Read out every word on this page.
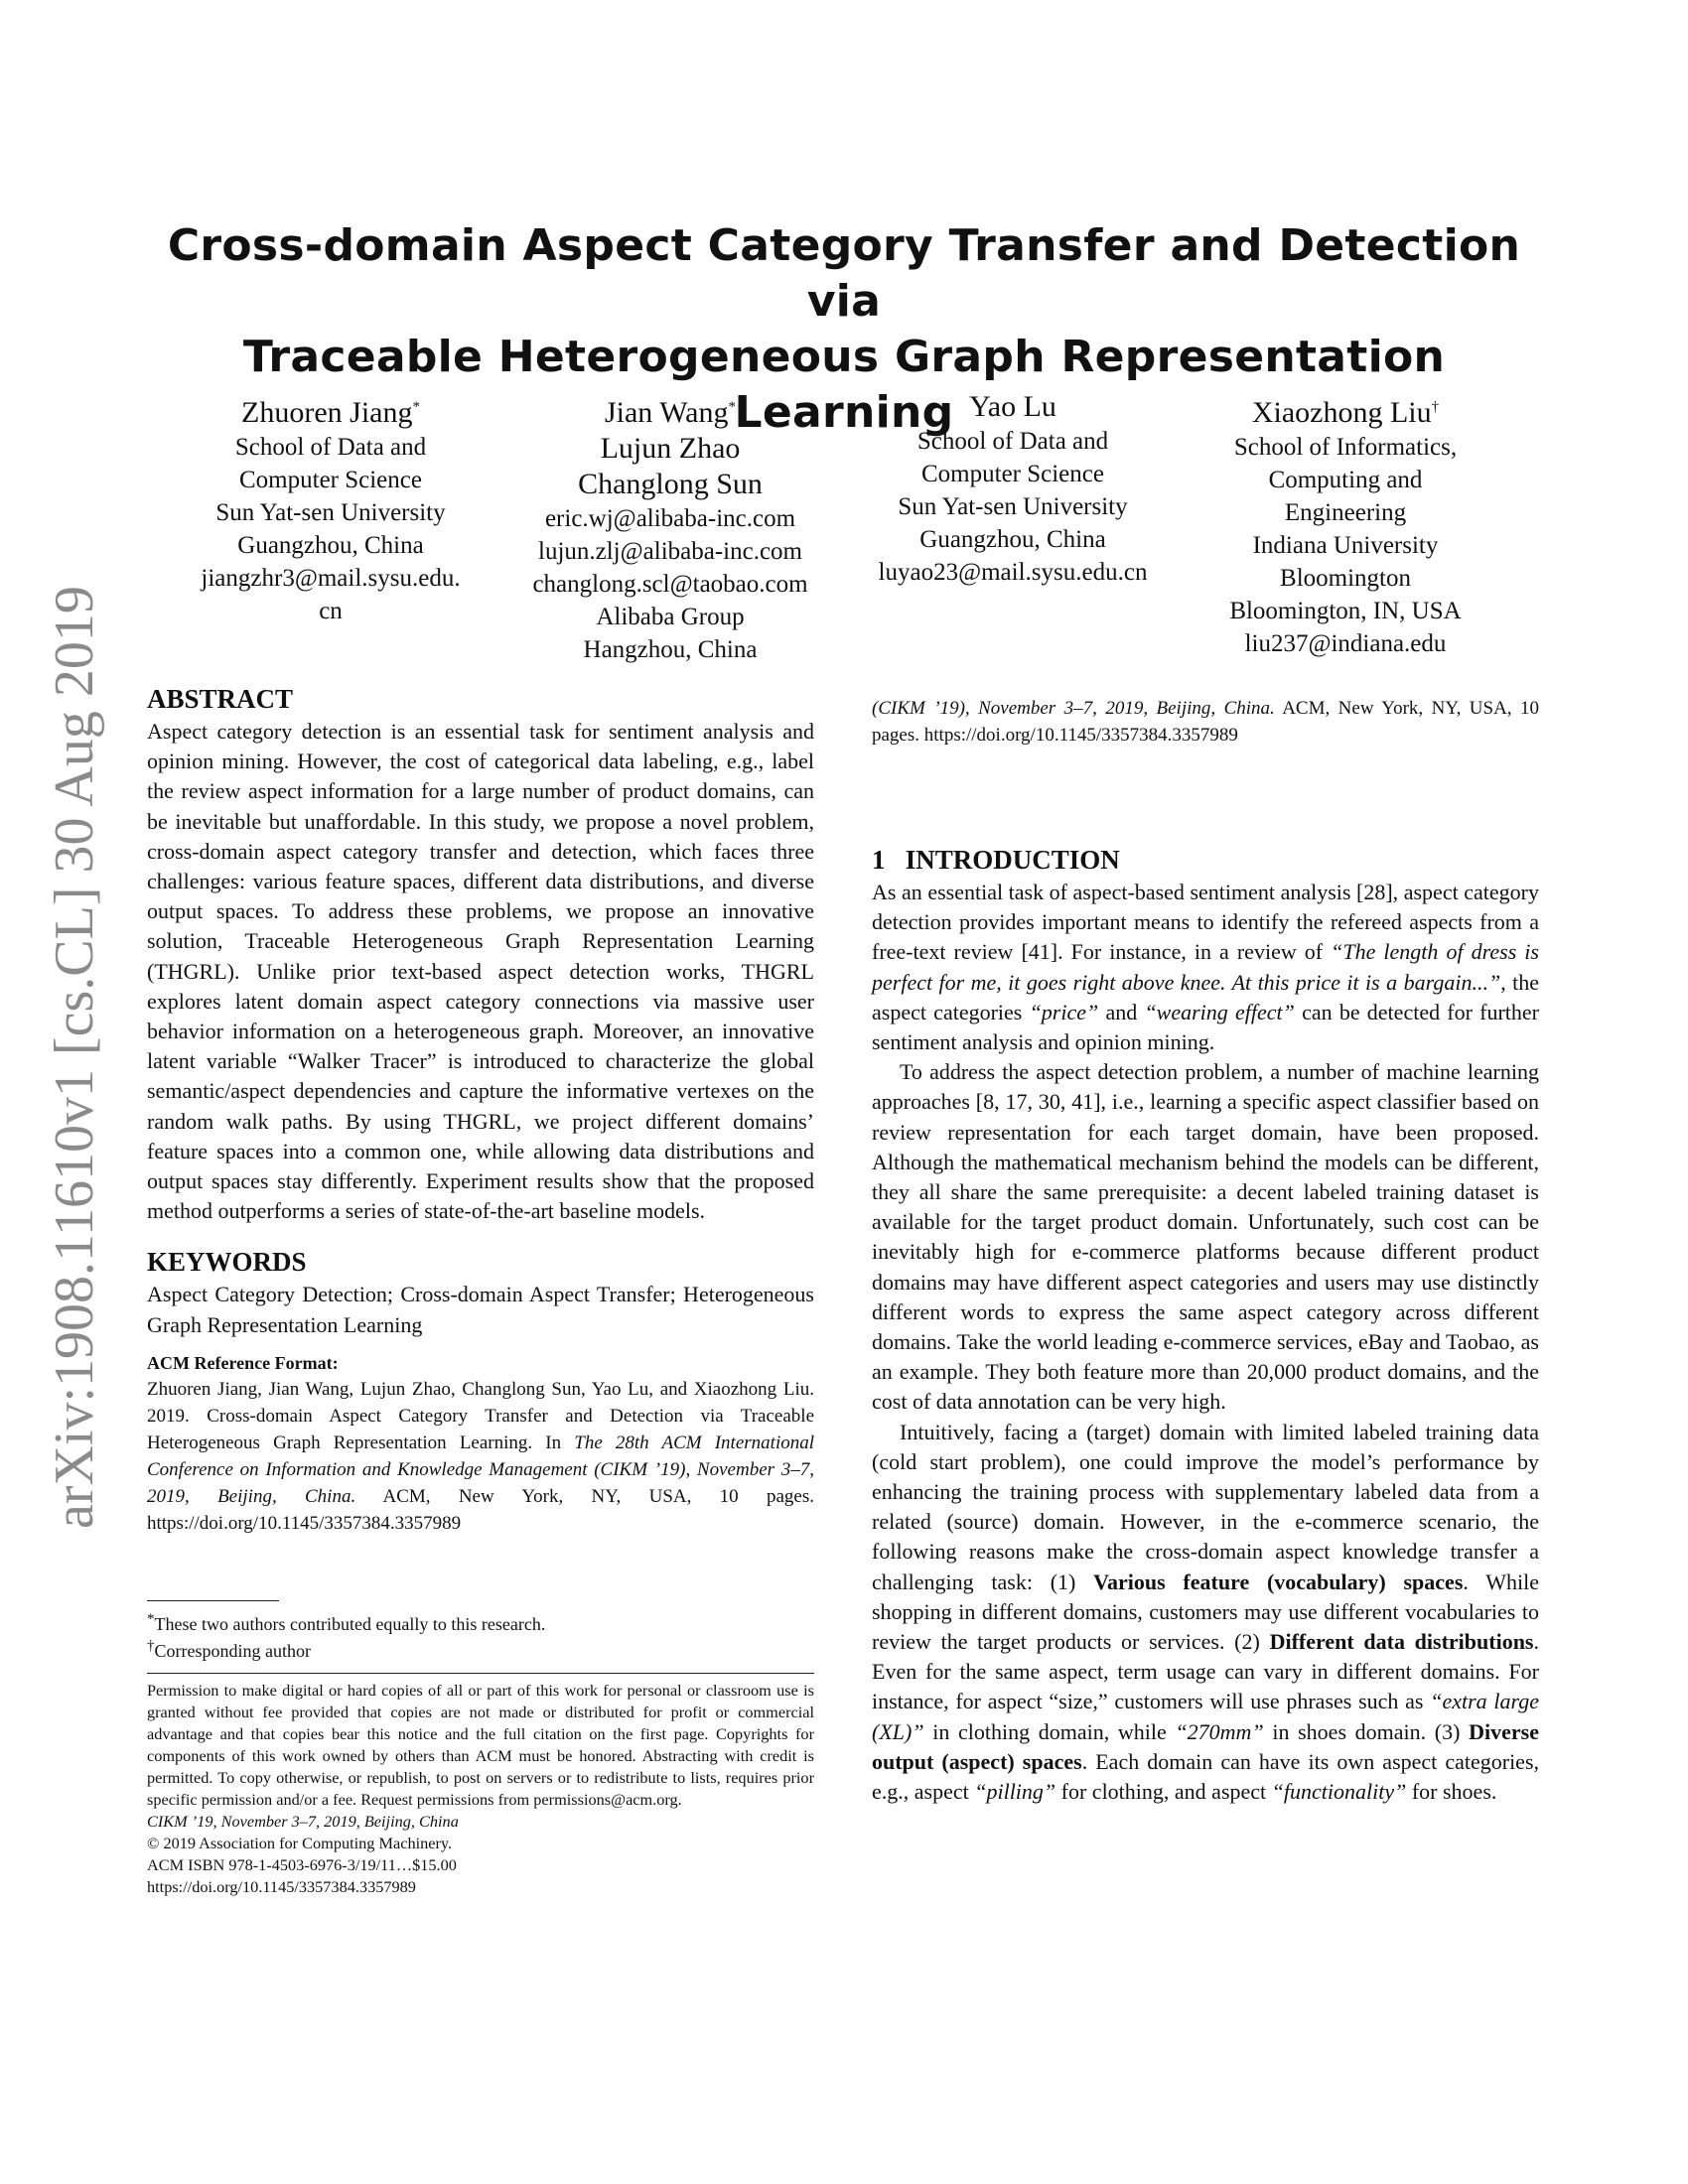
arXiv:1908.11610v1 [cs.CL] 30 Aug 2019
Cross-domain Aspect Category Transfer and Detection via
Traceable Heterogeneous Graph Representation Learning
Zhuoren Jiang*
School of Data and
Computer Science
Sun Yat-sen University
Guangzhou, China
jiangzhr3@mail.sysu.edu.
cn
Jian Wang*
Lujun Zhao
Changlong Sun
eric.wj@alibaba-inc.com
lujun.zlj@alibaba-inc.com
changlong.scl@taobao.com
Alibaba Group
Hangzhou, China
Yao Lu
School of Data and
Computer Science
Sun Yat-sen University
Guangzhou, China
luyao23@mail.sysu.edu.cn
Xiaozhong Liu†
School of Informatics,
Computing and
Engineering
Indiana University
Bloomington
Bloomington, IN, USA
liu237@indiana.edu
ABSTRACT

Aspect category detection is an essential task for sentiment analysis and opinion mining. However, the cost of categorical data labeling, e.g., label the review aspect information for a large number of product domains, can be inevitable but unaffordable. In this study, we propose a novel problem, cross-domain aspect category transfer and detection, which faces three challenges: various feature spaces, different data distributions, and diverse output spaces. To address these problems, we propose an innovative solution, Traceable Heterogeneous Graph Representation Learning (THGRL). Unlike prior text-based aspect detection works, THGRL explores latent domain aspect category connections via massive user behavior information on a heterogeneous graph. Moreover, an innovative latent variable “Walker Tracer” is introduced to characterize the global semantic/aspect dependencies and capture the informative vertexes on the random walk paths. By using THGRL, we project different domains’ feature spaces into a common one, while allowing data distributions and output spaces stay differently. Experiment results show that the proposed method outperforms a series of state-of-the-art baseline models.

KEYWORDS

Aspect Category Detection; Cross-domain Aspect Transfer; Heterogeneous Graph Representation Learning

ACM Reference Format:

Zhuoren Jiang, Jian Wang, Lujun Zhao, Changlong Sun, Yao Lu, and Xiaozhong Liu. 2019. Cross-domain Aspect Category Transfer and Detection via Traceable Heterogeneous Graph Representation Learning. In The 28th ACM International Conference on Information and Knowledge Management (CIKM ’19), November 3–7, 2019, Beijing, China. ACM, New York, NY, USA, 10 pages. https://doi.org/10.1145/3357384.3357989

*These two authors contributed equally to this research.
†Corresponding author

Permission to make digital or hard copies of all or part of this work for personal or classroom use is granted without fee provided that copies are not made or distributed for profit or commercial advantage and that copies bear this notice and the full citation on the first page. Copyrights for components of this work owned by others than ACM must be honored. Abstracting with credit is permitted. To copy otherwise, or republish, to post on servers or to redistribute to lists, requires prior specific permission and/or a fee. Request permissions from permissions@acm.org.

CIKM ’19, November 3–7, 2019, Beijing, China

© 2019 Association for Computing Machinery.

ACM ISBN 978-1-4503-6976-3/19/11…$15.00

https://doi.org/10.1145/3357384.3357989

(CIKM ’19), November 3–7, 2019, Beijing, China. ACM, New York, NY, USA, 10 pages. https://doi.org/10.1145/3357384.3357989

1 INTRODUCTION

As an essential task of aspect-based sentiment analysis [28], aspect category detection provides important means to identify the refereed aspects from a free-text review [41]. For instance, in a review of “The length of dress is perfect for me, it goes right above knee. At this price it is a bargain...”, the aspect categories “price” and “wearing effect” can be detected for further sentiment analysis and opinion mining.

To address the aspect detection problem, a number of machine learning approaches [8, 17, 30, 41], i.e., learning a specific aspect classifier based on review representation for each target domain, have been proposed. Although the mathematical mechanism behind the models can be different, they all share the same prerequisite: a decent labeled training dataset is available for the target product domain. Unfortunately, such cost can be inevitably high for e-commerce platforms because different product domains may have different aspect categories and users may use distinctly different words to express the same aspect category across different domains. Take the world leading e-commerce services, eBay and Taobao, as an example. They both feature more than 20,000 product domains, and the cost of data annotation can be very high.

Intuitively, facing a (target) domain with limited labeled training data (cold start problem), one could improve the model’s performance by enhancing the training process with supplementary labeled data from a related (source) domain. However, in the e-commerce scenario, the following reasons make the cross-domain aspect knowledge transfer a challenging task: (1) Various feature (vocabulary) spaces. While shopping in different domains, customers may use different vocabularies to review the target products or services. (2) Different data distributions. Even for the same aspect, term usage can vary in different domains. For instance, for aspect “size,” customers will use phrases such as “extra large (XL)” in clothing domain, while “270mm” in shoes domain. (3) Diverse output (aspect) spaces. Each domain can have its own aspect categories, e.g., aspect “pilling” for clothing, and aspect “functionality” for shoes.
